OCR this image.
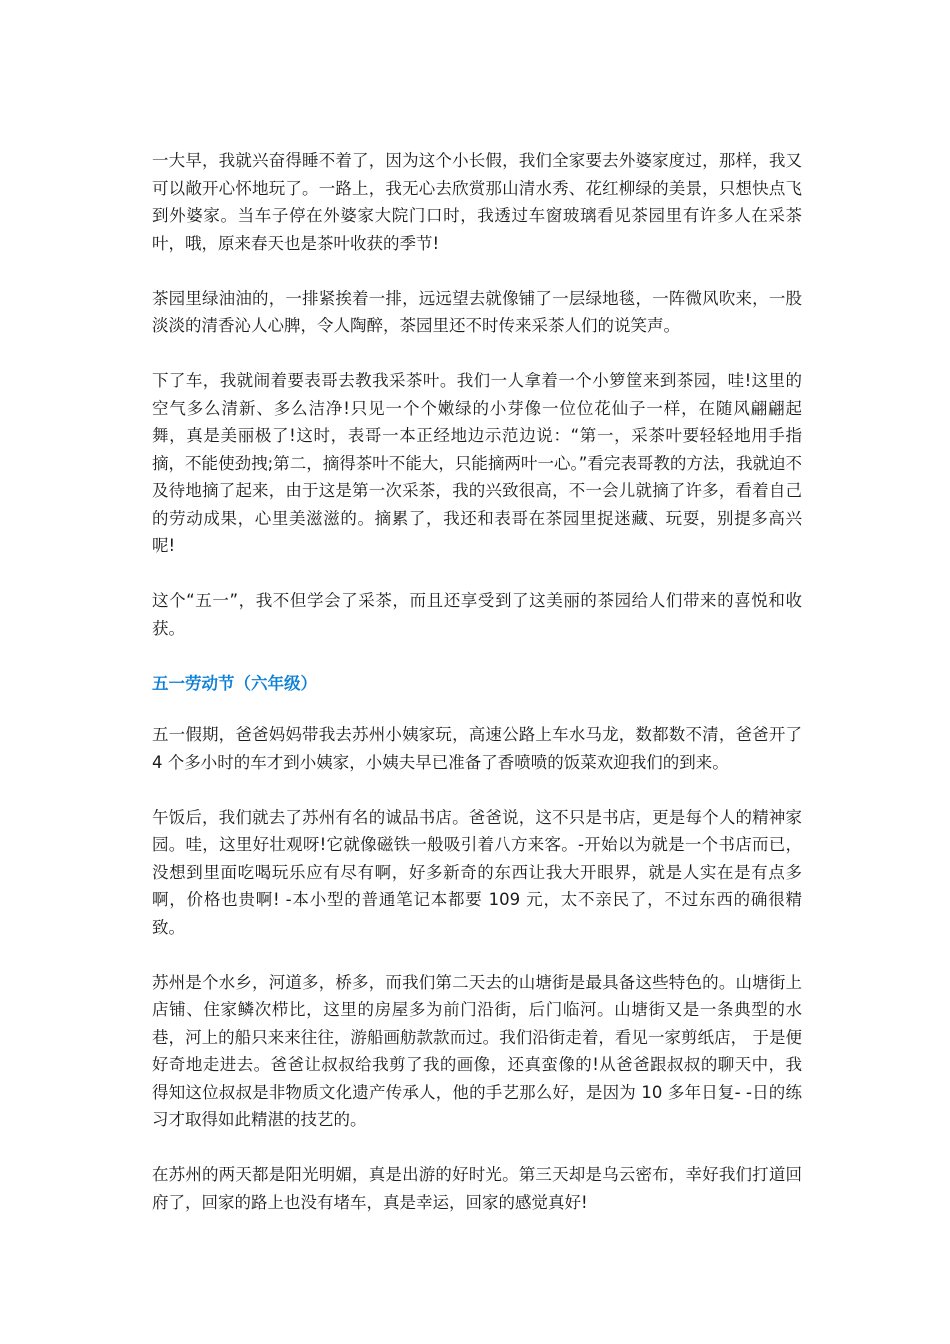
一大早，我就兴奋得睡不着了，因为这个小长假，我们全家要去外婆家度过，那样，我又可以敞开心怀地玩了。一路上，我无心去欣赏那山清水秀、花红柳绿的美景，只想快点飞到外婆家。当车子停在外婆家大院门口时，我透过车窗玻璃看见茶园里有许多人在采茶叶，哦，原来春天也是茶叶收获的季节!

茶园里绿油油的，一排紧挨着一排，远远望去就像铺了一层绿地毯，一阵微风吹来，一股淡淡的清香沁人心脾，令人陶醉，茶园里还不时传来采茶人们的说笑声。

下了车，我就闹着要表哥去教我采茶叶。我们一人拿着一个小箩筐来到茶园，哇!这里的空气多么清新、多么洁净!只见一个个嫩绿的小芽像一位位花仙子一样，在随风翩翩起舞，真是美丽极了!这时，表哥一本正经地边示范边说：“第一，采茶叶要轻轻地用手指摘，不能使劲拽;第二，摘得茶叶不能大，只能摘两叶一心。”看完表哥教的方法，我就迫不及待地摘了起来，由于这是第一次采茶，我的兴致很高，不一会儿就摘了许多，看着自己的劳动成果，心里美滋滋的。摘累了，我还和表哥在茶园里捉迷藏、玩耍，别提多高兴呢!

这个“五一”，我不但学会了采茶，而且还享受到了这美丽的茶园给人们带来的喜悦和收获。

五一劳动节（六年级）

五一假期，爸爸妈妈带我去苏州小姨家玩，高速公路上车水马龙，数都数不清，爸爸开了 4 个多小时的车才到小姨家，小姨夫早已准备了香喷喷的饭菜欢迎我们的到来。

午饭后，我们就去了苏州有名的诚品书店。爸爸说，这不只是书店，更是每个人的精神家园。哇，这里好壮观呀!它就像磁铁一般吸引着八方来客。-开始以为就是一个书店而已， 没想到里面吃喝玩乐应有尽有啊，好多新奇的东西让我大开眼界，就是人实在是有点多啊，价格也贵啊! -本小型的普通笔记本都要 109 元，太不亲民了，不过东西的确很精致。

苏州是个水乡，河道多，桥多，而我们第二天去的山塘街是最具备这些特色的。山塘街上店铺、住家鳞次栉比，这里的房屋多为前门沿街，后门临河。山塘街又是一条典型的水巷，河上的船只来来往往，游船画舫款款而过。我们沿街走着，看见一家剪纸店， 于是便好奇地走进去。爸爸让叔叔给我剪了我的画像，还真蛮像的!从爸爸跟叔叔的聊天中，我得知这位叔叔是非物质文化遗产传承人，他的手艺那么好，是因为 10 多年日复- -日的练习才取得如此精湛的技艺的。

在苏州的两天都是阳光明媚，真是出游的好时光。第三天却是乌云密布，幸好我们打道回府了，回家的路上也没有堵车，真是幸运，回家的感觉真好!
